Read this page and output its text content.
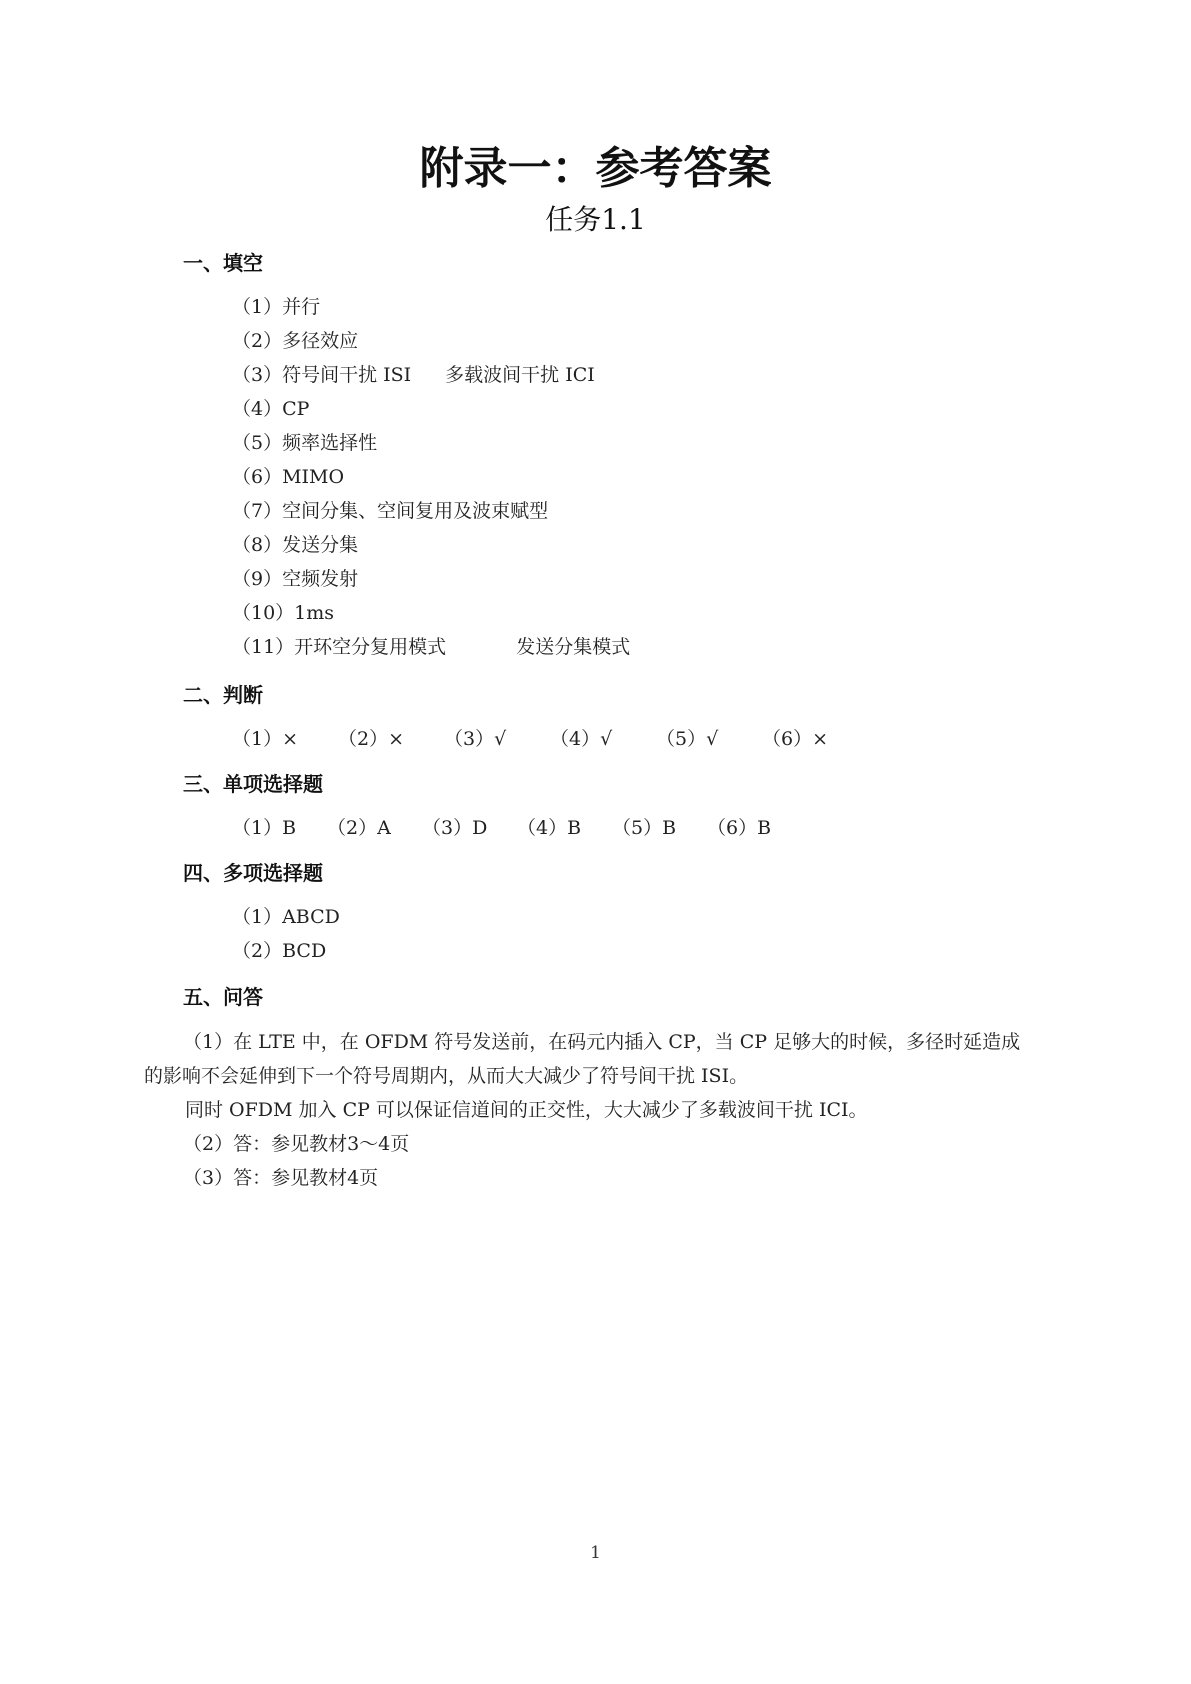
附录一：参考答案
任务1.1
一、填空
（1）并行
（2）多径效应
（3）符号间干扰 ISI 多载波间干扰 ICI
（4）CP
（5）频率选择性
（6）MIMO
（7）空间分集、空间复用及波束赋型
（8）发送分集
（9）空频发射
（10）1ms
（11）开环空分复用模式	发送分集模式
二、判断
（1）×	（2）×	（3）√	（4）√	（5）√	（6）×
三、单项选择题
（1）B	（2）A	（3）D	（4）B	（5）B	（6）B
四、多项选择题
（1）ABCD
（2）BCD
五、问答
（1）在 LTE 中，在 OFDM 符号发送前，在码元内插入 CP，当 CP 足够大的时候，多径时延造成
的影响不会延伸到下一个符号周期内，从而大大减少了符号间干扰 ISI。
同时 OFDM 加入 CP 可以保证信道间的正交性，大大减少了多载波间干扰 ICI。
（2）答：参见教材3～4页
（3）答：参见教材4页
1
